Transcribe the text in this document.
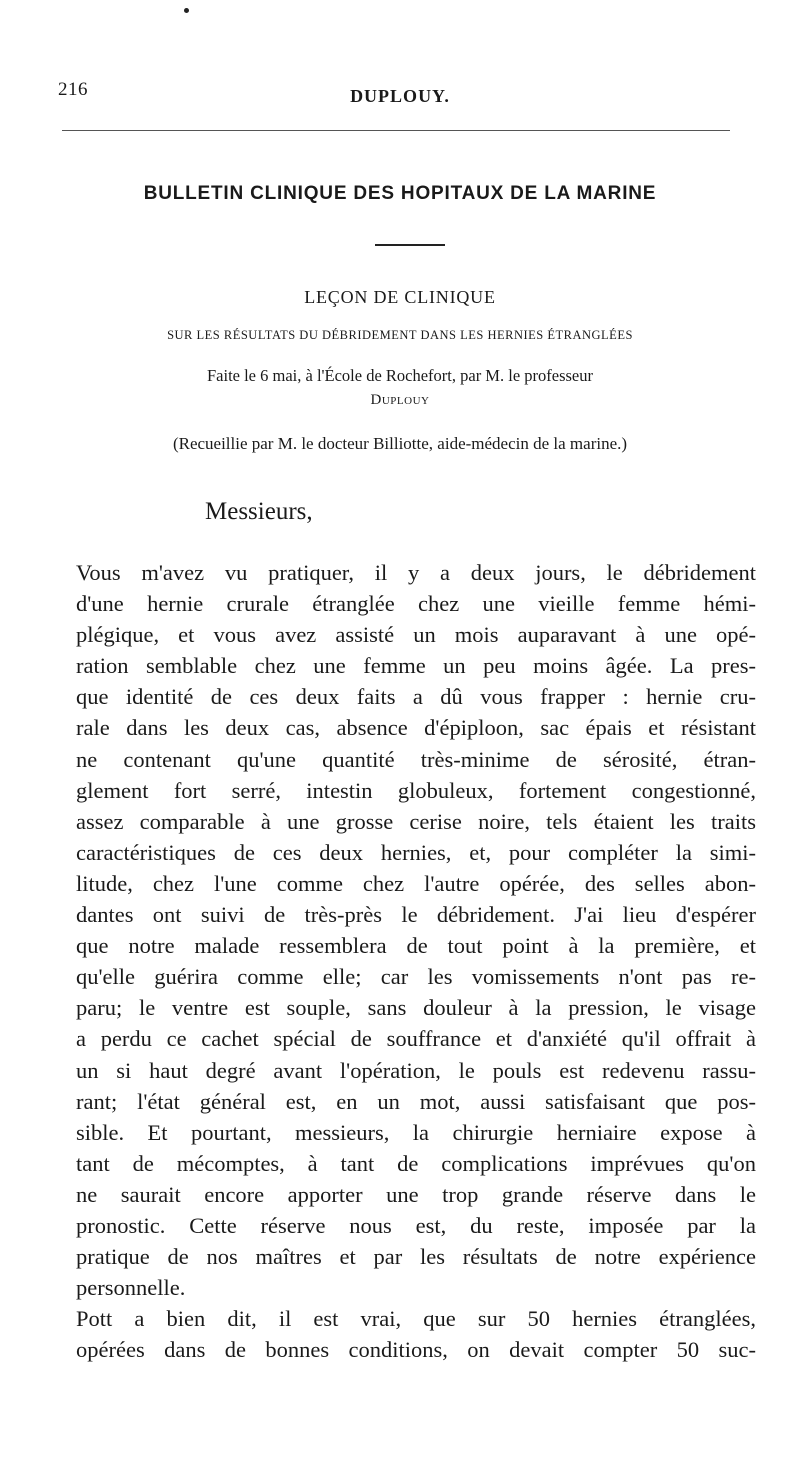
216	DUPLOUY.
BULLETIN CLINIQUE DES HOPITAUX DE LA MARINE
LEÇON DE CLINIQUE
SUR LES RÉSULTATS DU DÉBRIDEMENT DANS LES HERNIES ÉTRANGLÉES
Faite le 6 mai, à l'École de Rochefort, par M. le professeur
Duplouy
(Recueillie par M. le docteur Billiotte, aide-médecin de la marine.)
Messieurs,
Vous m'avez vu pratiquer, il y a deux jours, le débridement
d'une hernie crurale étranglée chez une vieille femme hémi-
plégique, et vous avez assisté un mois auparavant à une opé-
ration semblable chez une femme un peu moins âgée. La pres-
que identité de ces deux faits a dû vous frapper : hernie cru-
rale dans les deux cas, absence d'épiploon, sac épais et résistant
ne contenant qu'une quantité très-minime de sérosité, étran-
glement fort serré, intestin globuleux, fortement congestionné,
assez comparable à une grosse cerise noire, tels étaient les traits
caractéristiques de ces deux hernies, et, pour compléter la simi-
litude, chez l'une comme chez l'autre opérée, des selles abon-
dantes ont suivi de très-près le débridement. J'ai lieu d'espérer
que notre malade ressemblera de tout point à la première, et
qu'elle guérira comme elle; car les vomissements n'ont pas re-
paru; le ventre est souple, sans douleur à la pression, le visage
a perdu ce cachet spécial de souffrance et d'anxiété qu'il offrait à
un si haut degré avant l'opération, le pouls est redevenu rassu-
rant; l'état général est, en un mot, aussi satisfaisant que pos-
sible. Et pourtant, messieurs, la chirurgie herniaire expose à
tant de mécomptes, à tant de complications imprévues qu'on
ne saurait encore apporter une trop grande réserve dans le
pronostic. Cette réserve nous est, du reste, imposée par la
pratique de nos maîtres et par les résultats de notre expérience
personnelle.
Pott a bien dit, il est vrai, que sur 50 hernies étranglées,
opérées dans de bonnes conditions, on devait compter 50 suc-
